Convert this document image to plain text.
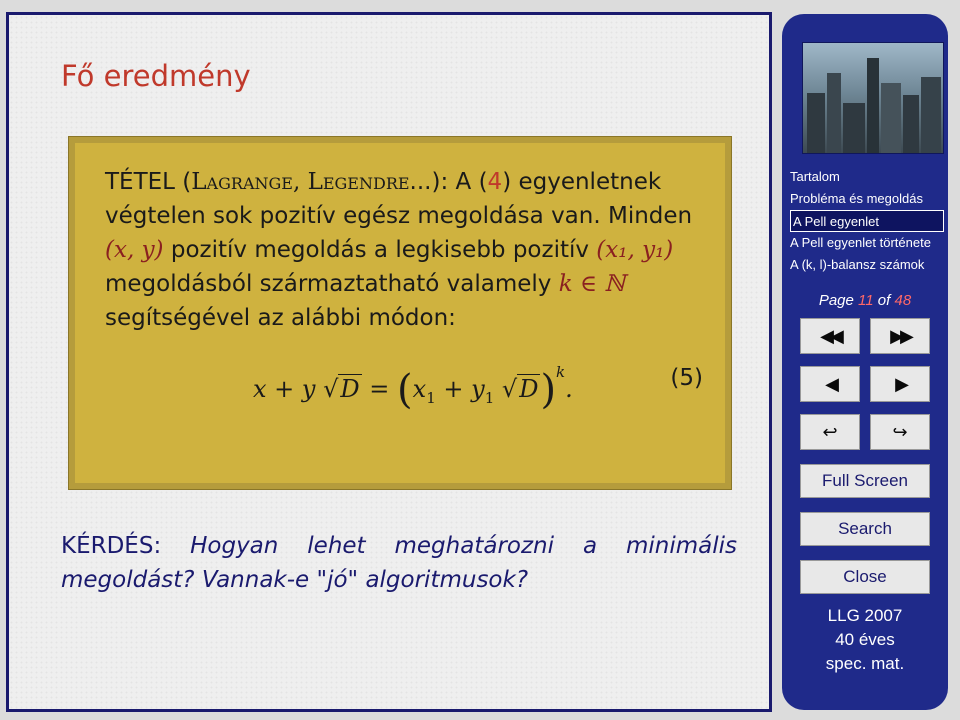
Fő eredmény
TÉTEL (Lagrange, Legendre...): A (4) egyenletnek végtelen sok pozitív egész megoldása van. Minden (x, y) pozitív megoldás a legkisebb pozitív (x₁, y₁) megoldásból származtatható valamely k ∈ ℕ segítségével az alábbi módon:
x + y $√D = (x_1 + y_1$ √D)$^k$.	(5)
KÉRDÉS: Hogyan lehet meghatározni a minimális
megoldást? Vannak-e "jó" algoritmusok?
Tartalom
Probléma és megoldás
A Pell egyenlet
A Pell egyenlet története
A (k, l)-balansz számok
Page 11 of 48
◀◀	▶▶
◀	▶
↩	↪
Full Screen
Search
Close
LLG 2007
40 éves
spec. mat.
